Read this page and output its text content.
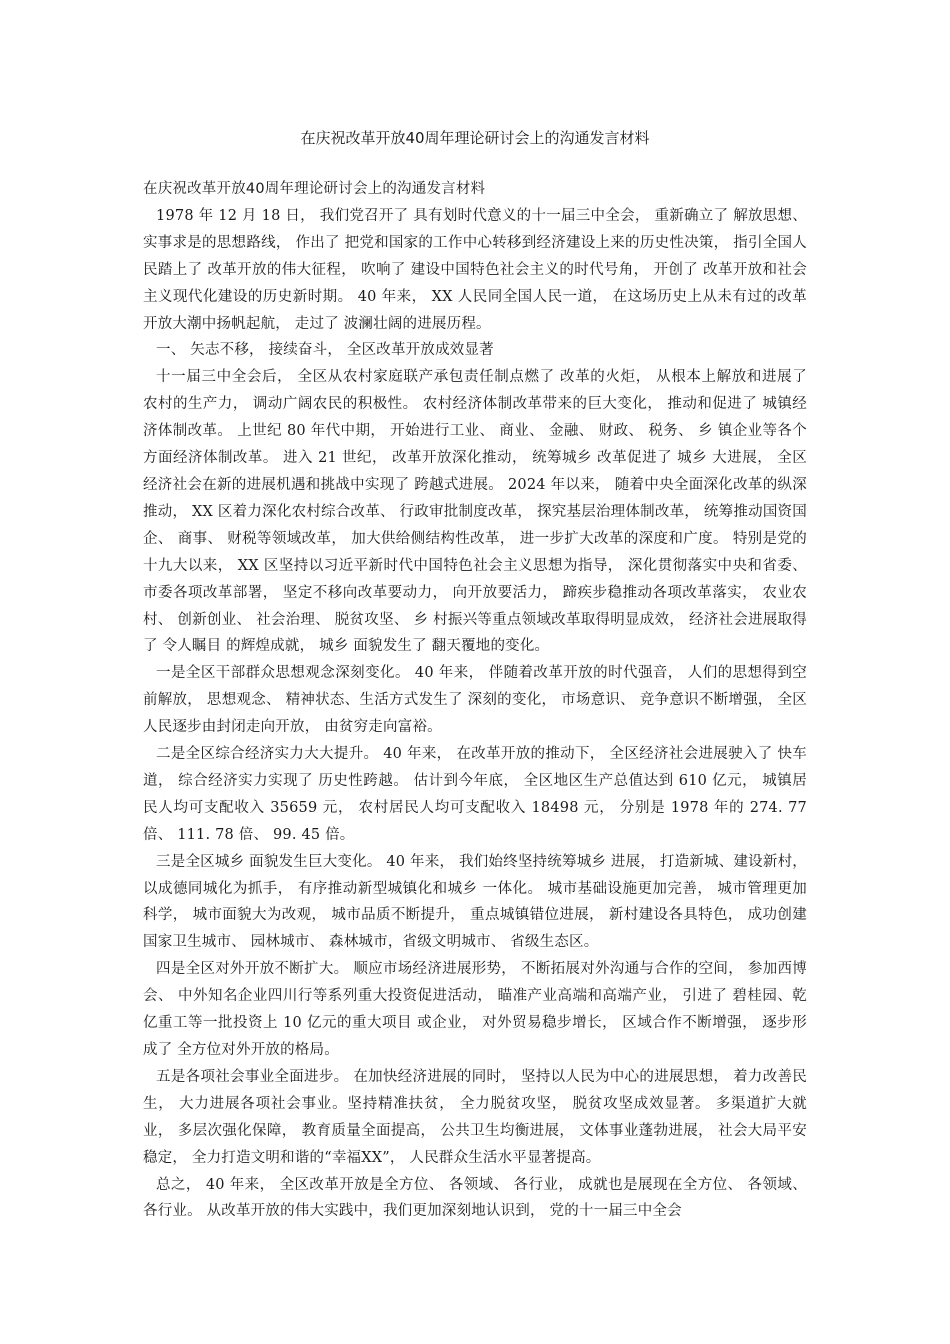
在庆祝改革开放40周年理论研讨会上的沟通发言材料

在庆祝改革开放40周年理论研讨会上的沟通发言材料

1978 年 12 月 18 日， 我们党召开了 具有划时代意义的十一届三中全会， 重新确立了 解放思想、 实事求是的思想路线， 作出了 把党和国家的工作中心转移到经济建设上来的历史性决策， 指引全国人民踏上了 改革开放的伟大征程， 吹响了 建设中国特色社会主义的时代号角， 开创了 改革开放和社会主义现代化建设的历史新时期。 40 年来， XX 人民同全国人民一道， 在这场历史上从未有过的改革开放大潮中扬帆起航， 走过了 波澜壮阔的进展历程。

一、 矢志不移， 接续奋斗， 全区改革开放成效显著

十一届三中全会后， 全区从农村家庭联产承包责任制点燃了 改革的火炬， 从根本上解放和进展了 农村的生产力， 调动广阔农民的积极性。 农村经济体制改革带来的巨大变化， 推动和促进了 城镇经济体制改革。 上世纪 80 年代中期， 开始进行工业、 商业、 金融、 财政、 税务、 乡 镇企业等各个方面经济体制改革。 进入 21 世纪， 改革开放深化推动， 统筹城乡 改革促进了 城乡 大进展， 全区经济社会在新的进展机遇和挑战中实现了 跨越式进展。 2024 年以来， 随着中央全面深化改革的纵深推动， XX 区着力深化农村综合改革、 行政审批制度改革， 探究基层治理体制改革， 统筹推动国资国企、 商事、 财税等领域改革， 加大供给侧结构性改革， 进一步扩大改革的深度和广度。 特别是党的十九大以来， XX 区坚持以习近平新时代中国特色社会主义思想为指导， 深化贯彻落实中央和省委、 市委各项改革部署， 坚定不移向改革要动力， 向开放要活力， 蹄疾步稳推动各项改革落实， 农业农村、 创新创业、 社会治理、 脱贫攻坚、 乡 村振兴等重点领域改革取得明显成效， 经济社会进展取得了 令人瞩目 的辉煌成就， 城乡 面貌发生了 翻天覆地的变化。

一是全区干部群众思想观念深刻变化。 40 年来， 伴随着改革开放的时代强音， 人们的思想得到空前解放， 思想观念、 精神状态、生活方式发生了 深刻的变化， 市场意识、 竞争意识不断增强， 全区人民逐步由封闭走向开放， 由贫穷走向富裕。

二是全区综合经济实力大大提升。 40 年来， 在改革开放的推动下， 全区经济社会进展驶入了 快车道， 综合经济实力实现了 历史性跨越。 估计到今年底， 全区地区生产总值达到 610 亿元， 城镇居民人均可支配收入 35659 元， 农村居民人均可支配收入 18498 元， 分别是 1978 年的 274. 77 倍、 111. 78 倍、 99. 45 倍。

三是全区城乡 面貌发生巨大变化。 40 年来， 我们始终坚持统筹城乡 进展， 打造新城、建设新村， 以成德同城化为抓手， 有序推动新型城镇化和城乡 一体化。 城市基础设施更加完善， 城市管理更加科学， 城市面貌大为改观， 城市品质不断提升， 重点城镇错位进展， 新村建设各具特色， 成功创建国家卫生城市、 园林城市、 森林城市，省级文明城市、 省级生态区。

四是全区对外开放不断扩大。 顺应市场经济进展形势， 不断拓展对外沟通与合作的空间， 参加西博会、 中外知名企业四川行等系列重大投资促进活动， 瞄准产业高端和高端产业， 引进了 碧桂园、乾亿重工等一批投资上 10 亿元的重大项目 或企业， 对外贸易稳步增长， 区域合作不断增强， 逐步形成了 全方位对外开放的格局。

五是各项社会事业全面进步。 在加快经济进展的同时， 坚持以人民为中心的进展思想， 着力改善民生， 大力进展各项社会事业。坚持精准扶贫， 全力脱贫攻坚， 脱贫攻坚成效显著。 多渠道扩大就业， 多层次强化保障， 教育质量全面提高， 公共卫生均衡进展， 文体事业蓬勃进展， 社会大局平安稳定， 全力打造文明和谐的“幸福XX”， 人民群众生活水平显著提高。

总之， 40 年来， 全区改革开放是全方位、 各领域、 各行业， 成就也是展现在全方位、 各领域、 各行业。 从改革开放的伟大实践中，我们更加深刻地认识到， 党的十一届三中全会
